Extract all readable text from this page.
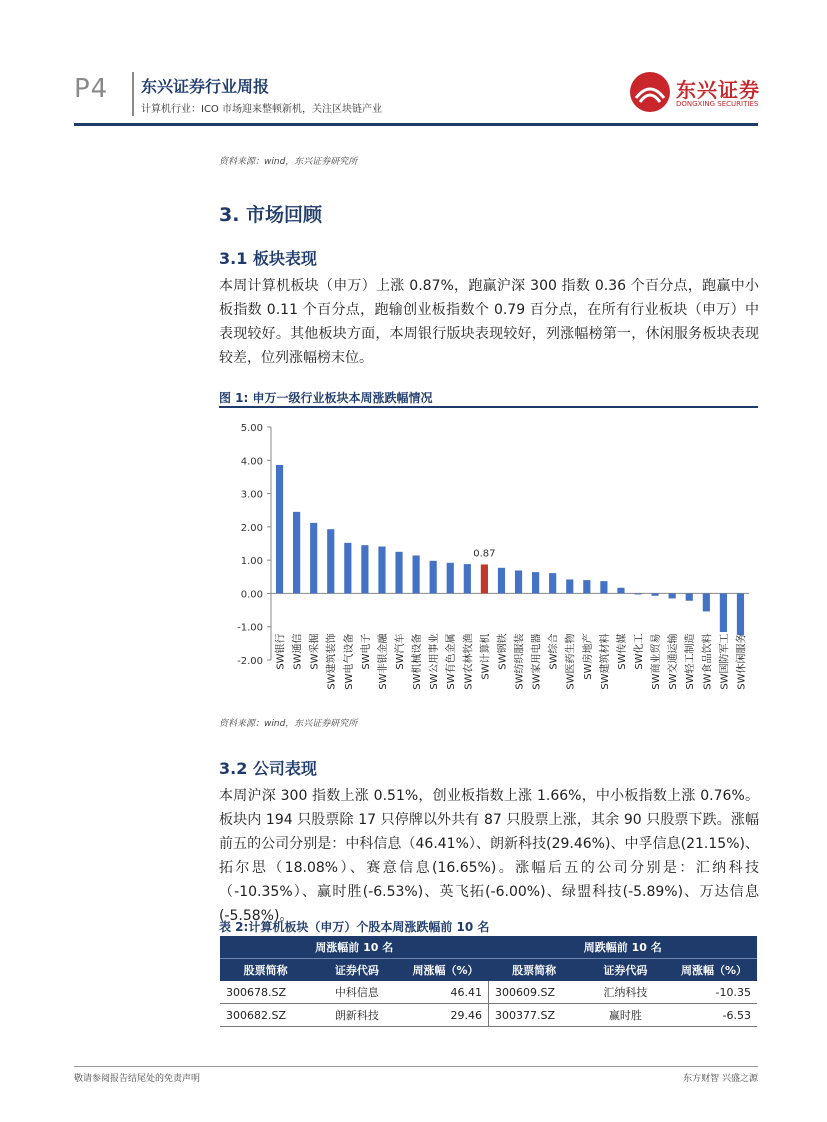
P4 东兴证券行业周报
计算机行业：ICO 市场迎来整顿新机，关注区块链产业
东兴证券
DONGXING SECURITIES
资料来源：wind，东兴证券研究所
3. 市场回顾
3.1 板块表现
本周计算机板块（申万）上涨 0.87%，跑赢沪深 300 指数 0.36 个百分点，跑赢中小板指数 0.11 个百分点，跑输创业板指数个 0.79 百分点，在所有行业板块（申万）中表现较好。其他板块方面，本周银行版块表现较好，列涨幅榜第一，休闲服务板块表现较差，位列涨幅榜末位。
图 1: 申万一级行业板块本周涨跌幅情况
5.00
4.00
3.00
2.00
1.00
0.00
-1.00
-2.00 SW银行 SW通信 SW采掘 SW建筑装饰 SW电气设备 SW电子 SW非银金融 SW汽车 SW机械设备 SW公用事业 SW有色金属 SW农林牧渔
0.87
SW计算机 SW钢铁 SW纺织服装 SW家用电器 SW综合 SW医药生物 SW房地产 SW建筑材料 SW传媒 SW化工 SW商业贸易 SW交通运输 SW轻工制造 SW食品饮料 SW国防军工 SW休闲服务
资料来源：wind，东兴证券研究所
3.2 公司表现
本周沪深 300 指数上涨 0.51%，创业板指数上涨 1.66%，中小板指数上涨 0.76%。板块内 194 只股票除 17 只停牌以外共有 87 只股票上涨，其余 90 只股票下跌。涨幅前五的公司分别是：中科信息（46.41%）、朗新科技(29.46%)、中孚信息(21.15%)、拓尔思（18.08%）、赛意信息(16.65%)。涨幅后五的公司分别是：汇纳科技（-10.35%）、赢时胜(-6.53%)、英飞拓(-6.00%)、绿盟科技(-5.89%)、万达信息(-5.58%)。
表 2:计算机板块（申万）个股本周涨跌幅前 10 名
周涨幅前 10 名			周跌幅前 10 名		
股票简称	证券代码	周涨幅（%）	股票简称	证券代码	周涨幅（%）
300678.SZ	中科信息	46.41	300609.SZ	汇纳科技	-10.35
300682.SZ	朗新科技	29.46	300377.SZ	赢时胜	-6.53
敬请参阅报告结尾处的免责声明	东方财智 兴盛之源
